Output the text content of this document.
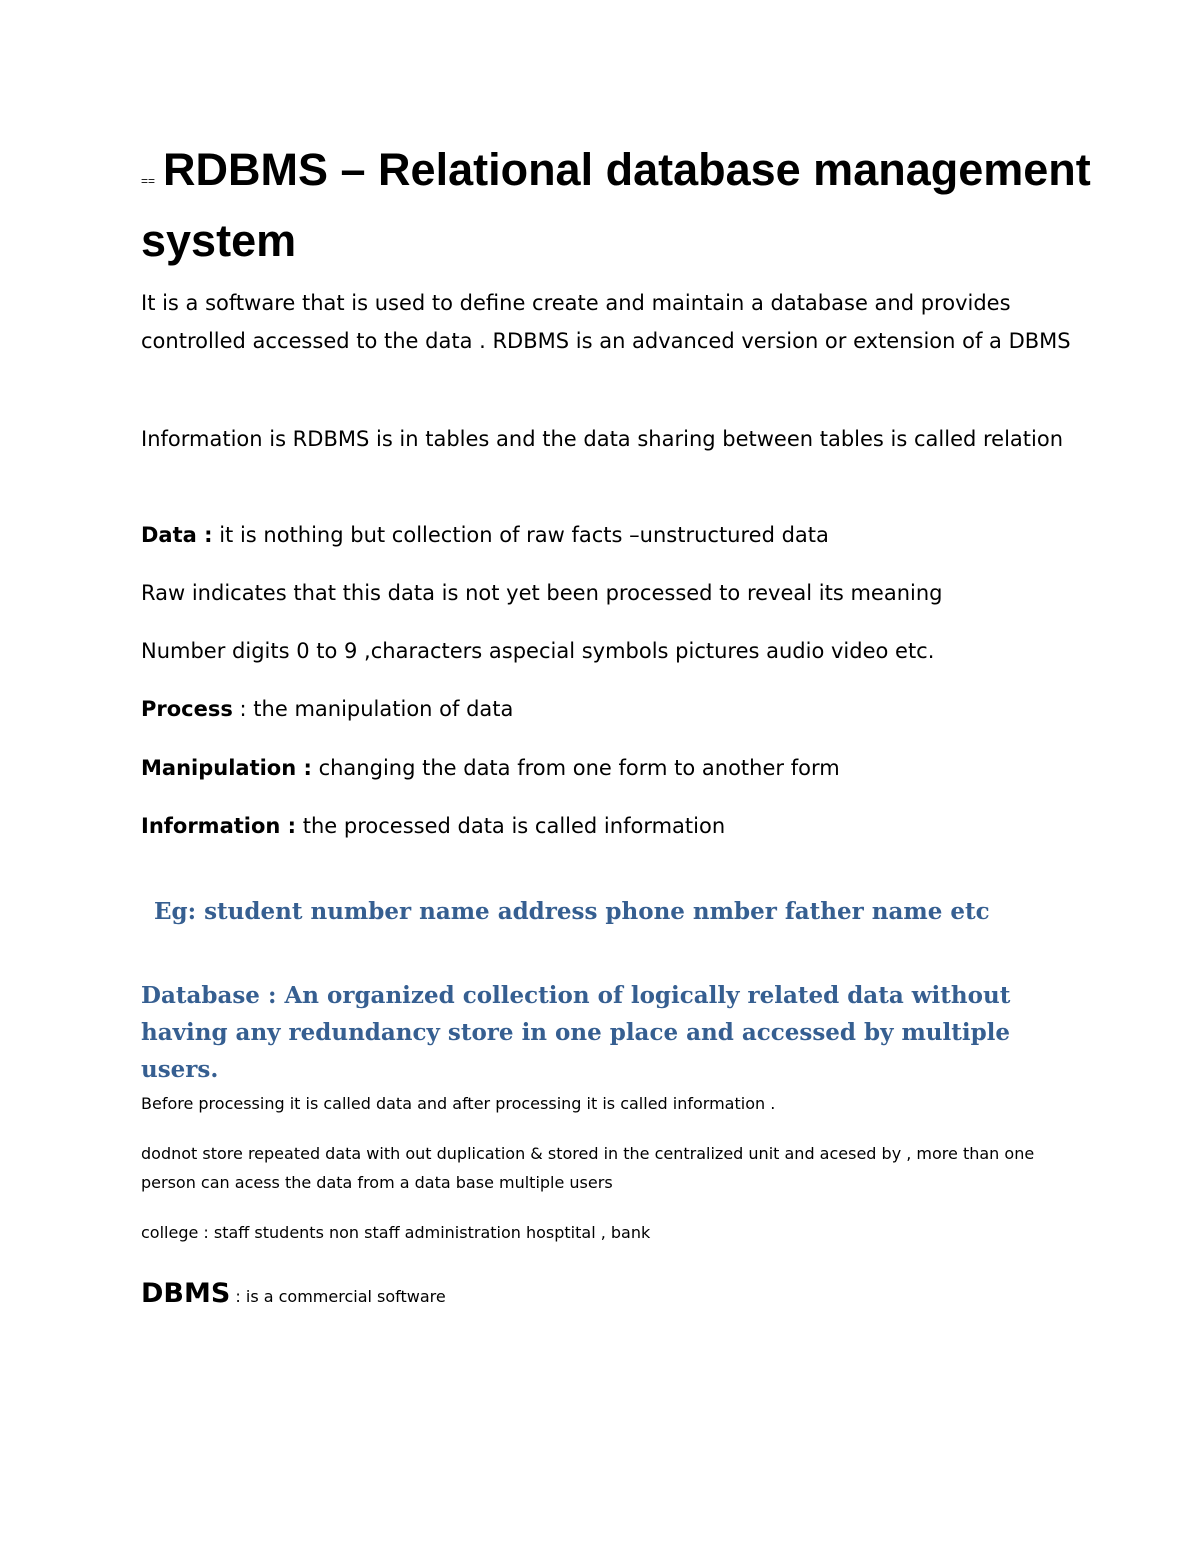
== RDBMS – Relational database management system

It is a software that is used to define create and maintain a database and provides controlled accessed to the data . RDBMS is an advanced version or extension of a DBMS

Information is RDBMS is in tables and the data sharing between tables is called relation

Data : it is nothing but collection of raw facts –unstructured data

Raw indicates that this data is not yet been processed to reveal its meaning

Number digits 0 to 9 ,characters aspecial symbols pictures audio video etc.

Process : the manipulation of data

Manipulation : changing the data from one form to another form

Information : the processed data is called information

Eg: student number name address phone nmber father name etc

Database : An organized collection of logically related data without having any redundancy store in one place and accessed by multiple users.

Before processing it is called data and after processing it is called information .

dodnot store repeated data with out duplication & stored in the centralized unit and acesed by , more than one person can acess the data from a data base multiple users

college : staff students non staff administration hosptital , bank

DBMS : is a commercial software
